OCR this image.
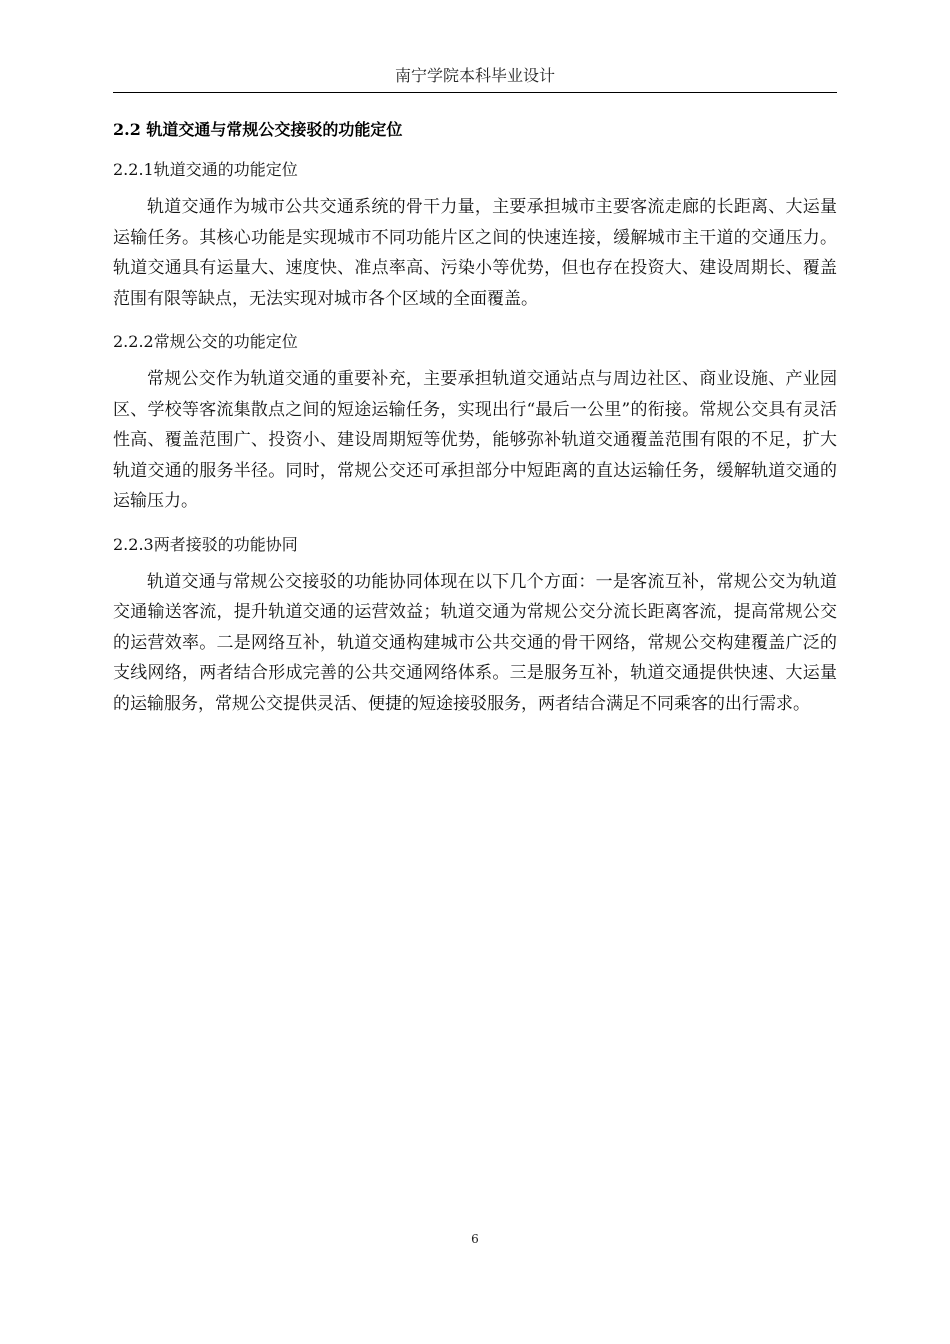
南宁学院本科毕业设计
2.2 轨道交通与常规公交接驳的功能定位
2.2.1轨道交通的功能定位

轨道交通作为城市公共交通系统的骨干力量，主要承担城市主要客流走廊的长距离、大运量运输任务。其核心功能是实现城市不同功能片区之间的快速连接，缓解城市主干道的交通压力。轨道交通具有运量大、速度快、准点率高、污染小等优势，但也存在投资大、建设周期长、覆盖范围有限等缺点，无法实现对城市各个区域的全面覆盖。

2.2.2常规公交的功能定位

常规公交作为轨道交通的重要补充，主要承担轨道交通站点与周边社区、商业设施、产业园区、学校等客流集散点之间的短途运输任务，实现出行“最后一公里”的衔接。常规公交具有灵活性高、覆盖范围广、投资小、建设周期短等优势，能够弥补轨道交通覆盖范围有限的不足，扩大轨道交通的服务半径。同时，常规公交还可承担部分中短距离的直达运输任务，缓解轨道交通的运输压力。

2.2.3两者接驳的功能协同

轨道交通与常规公交接驳的功能协同体现在以下几个方面：一是客流互补，常规公交为轨道交通输送客流，提升轨道交通的运营效益；轨道交通为常规公交分流长距离客流，提高常规公交的运营效率。二是网络互补，轨道交通构建城市公共交通的骨干网络，常规公交构建覆盖广泛的支线网络，两者结合形成完善的公共交通网络体系。三是服务互补，轨道交通提供快速、大运量的运输服务，常规公交提供灵活、便捷的短途接驳服务，两者结合满足不同乘客的出行需求。

6
